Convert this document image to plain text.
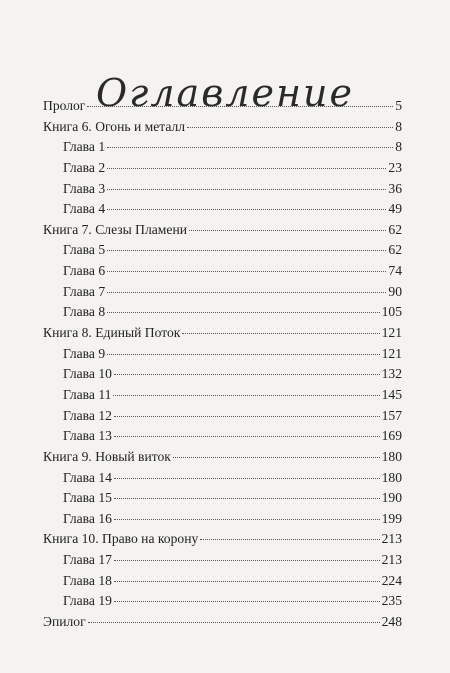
Оглавление
Пролог	5
Книга 6. Огонь и металл	8
Глава 1	8
Глава 2	23
Глава 3	36
Глава 4	49
Книга 7. Слезы Пламени	62
Глава 5	62
Глава 6	74
Глава 7	90
Глава 8	105
Книга 8. Единый Поток	121
Глава 9	121
Глава 10	132
Глава 11	145
Глава 12	157
Глава 13	169
Книга 9. Новый виток	180
Глава 14	180
Глава 15	190
Глава 16	199
Книга 10. Право на корону	213
Глава 17	213
Глава 18	224
Глава 19	235
Эпилог	248
